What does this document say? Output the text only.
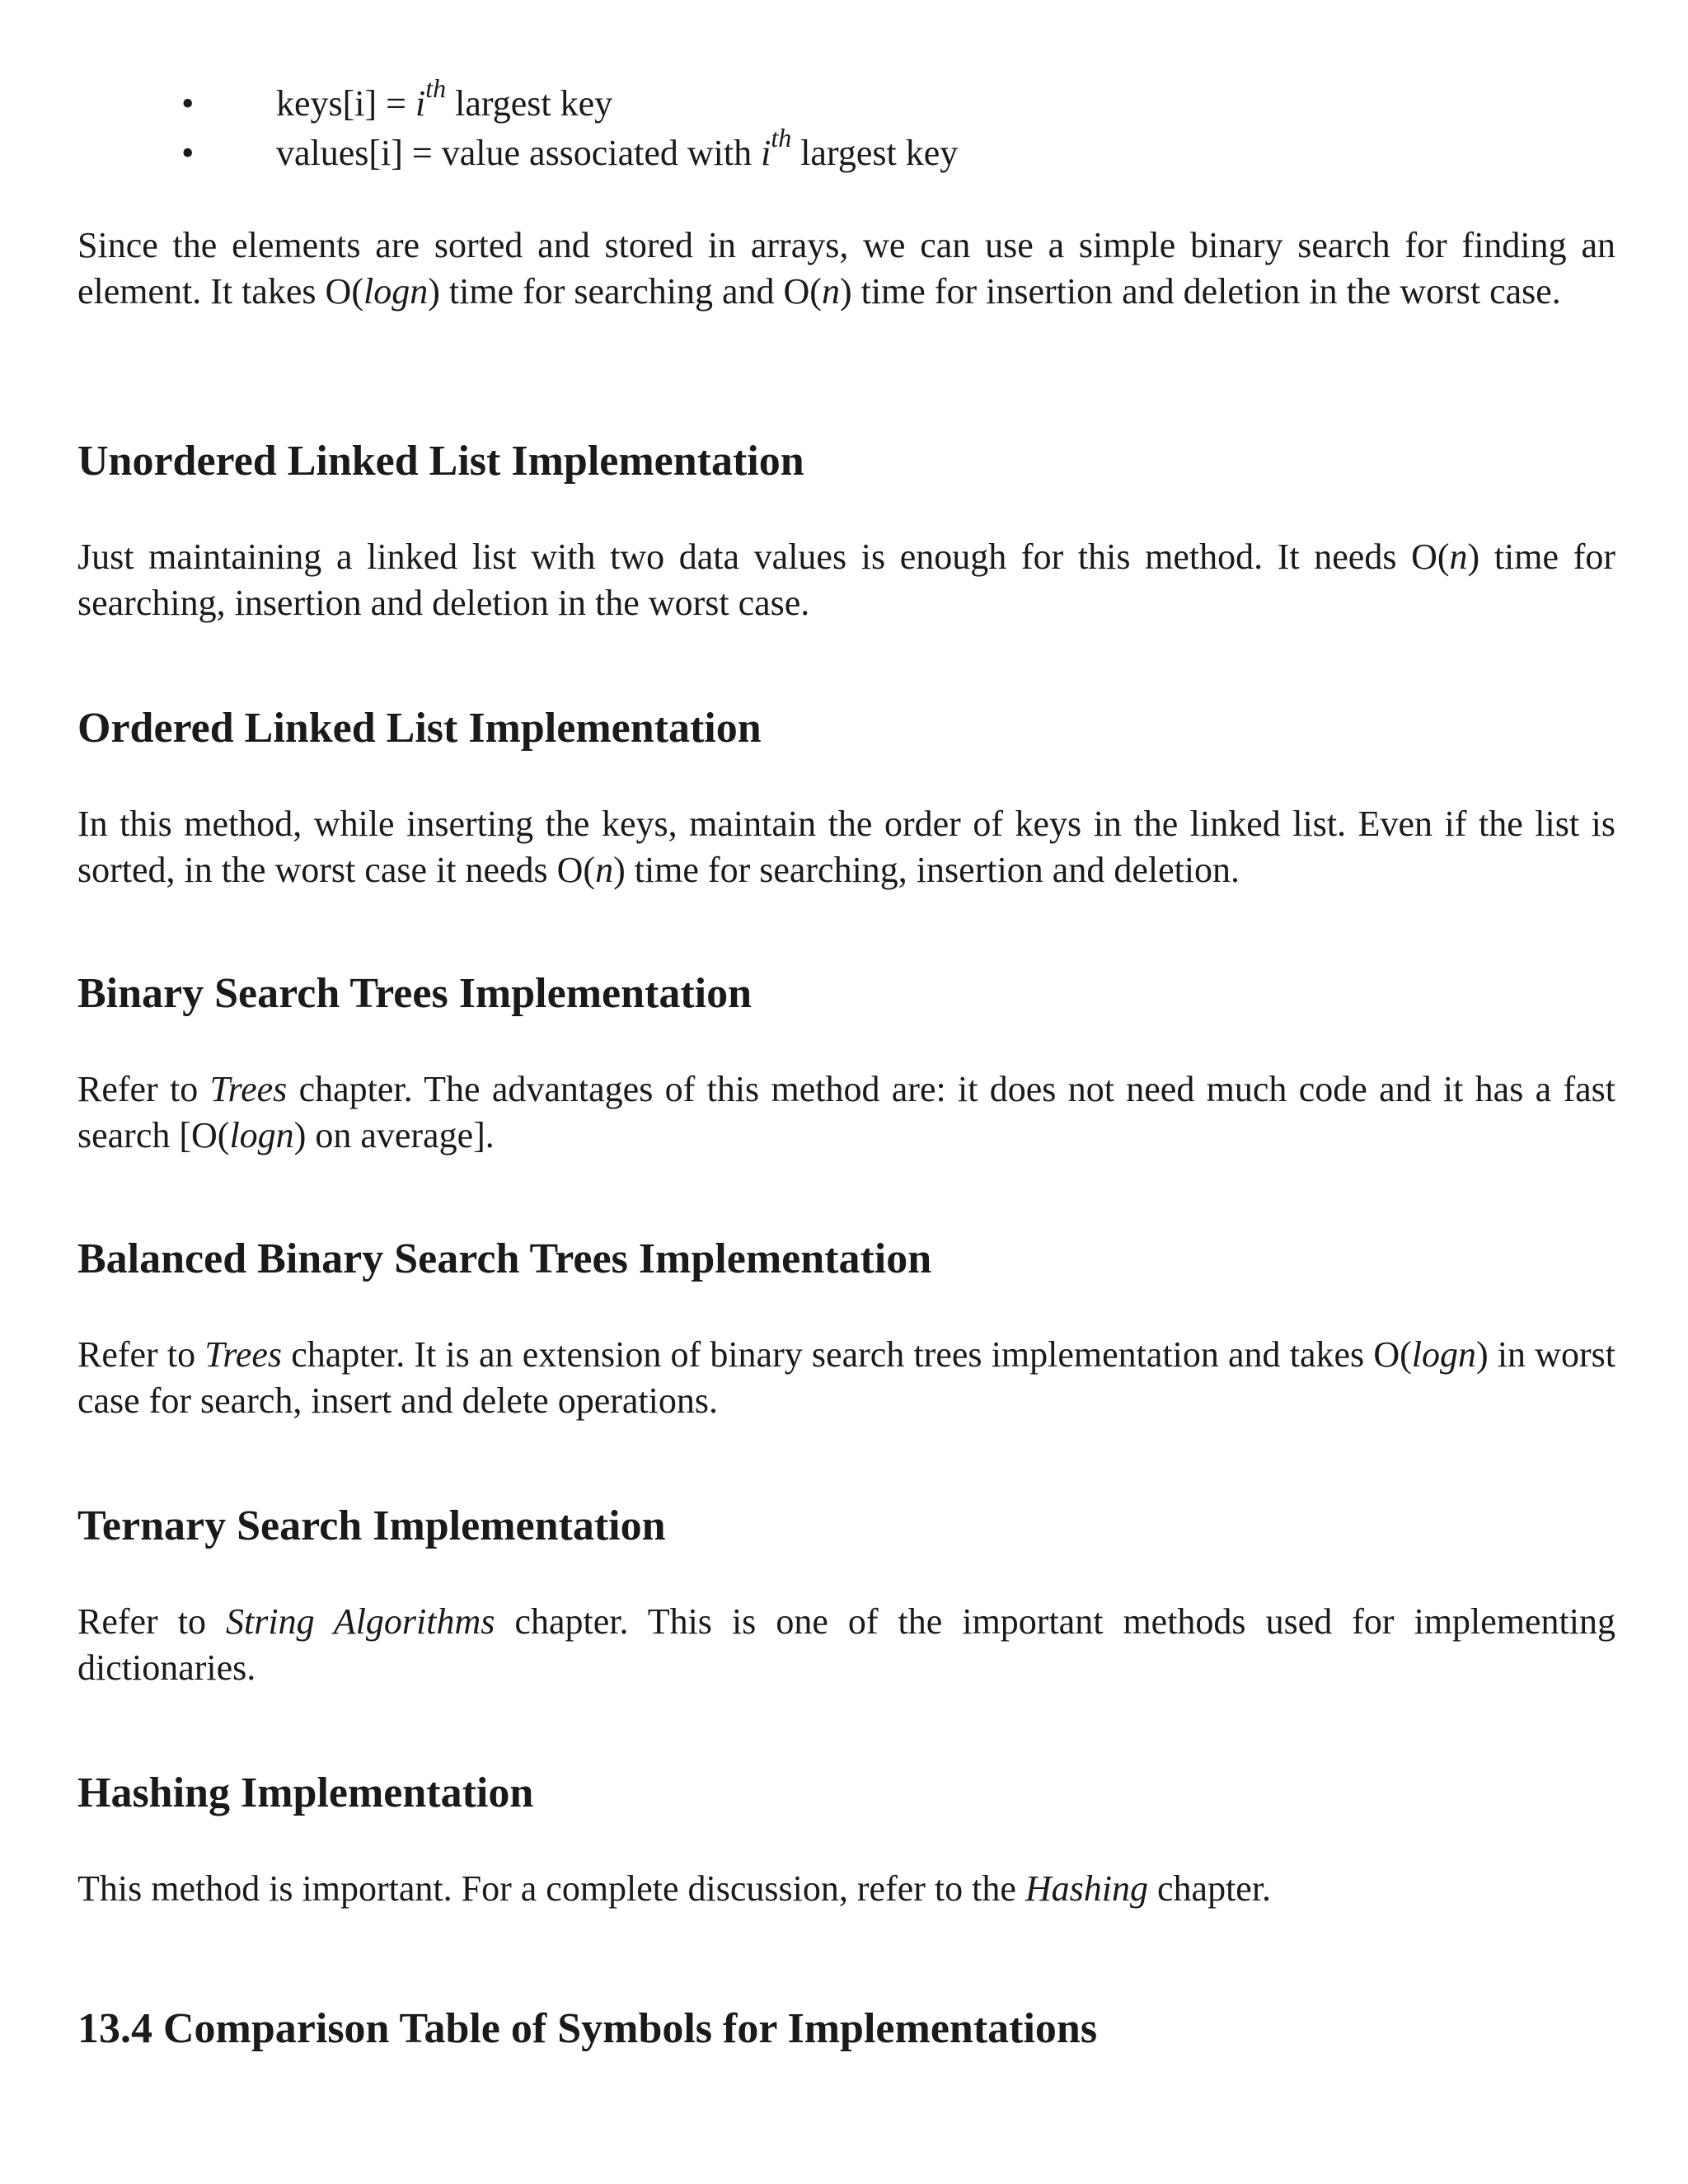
• keys[i] = $i^{th}$ largest key
• values[i] = value associated with $i^{th}$ largest key

Since the elements are sorted and stored in arrays, we can use a simple binary search for finding an element. It takes O(logn) time for searching and O(n) time for insertion and deletion in the worst case.

Unordered Linked List Implementation

Just maintaining a linked list with two data values is enough for this method. It needs O(n) time for searching, insertion and deletion in the worst case.

Ordered Linked List Implementation

In this method, while inserting the keys, maintain the order of keys in the linked list. Even if the list is sorted, in the worst case it needs O(n) time for searching, insertion and deletion.

Binary Search Trees Implementation

Refer to Trees chapter. The advantages of this method are: it does not need much code and it has a fast search [O(logn) on average].

Balanced Binary Search Trees Implementation

Refer to Trees chapter. It is an extension of binary search trees implementation and takes O(logn) in worst case for search, insert and delete operations.

Ternary Search Implementation

Refer to String Algorithms chapter. This is one of the important methods used for implementing dictionaries.

Hashing Implementation

This method is important. For a complete discussion, refer to the Hashing chapter.

13.4 Comparison Table of Symbols for Implementations
